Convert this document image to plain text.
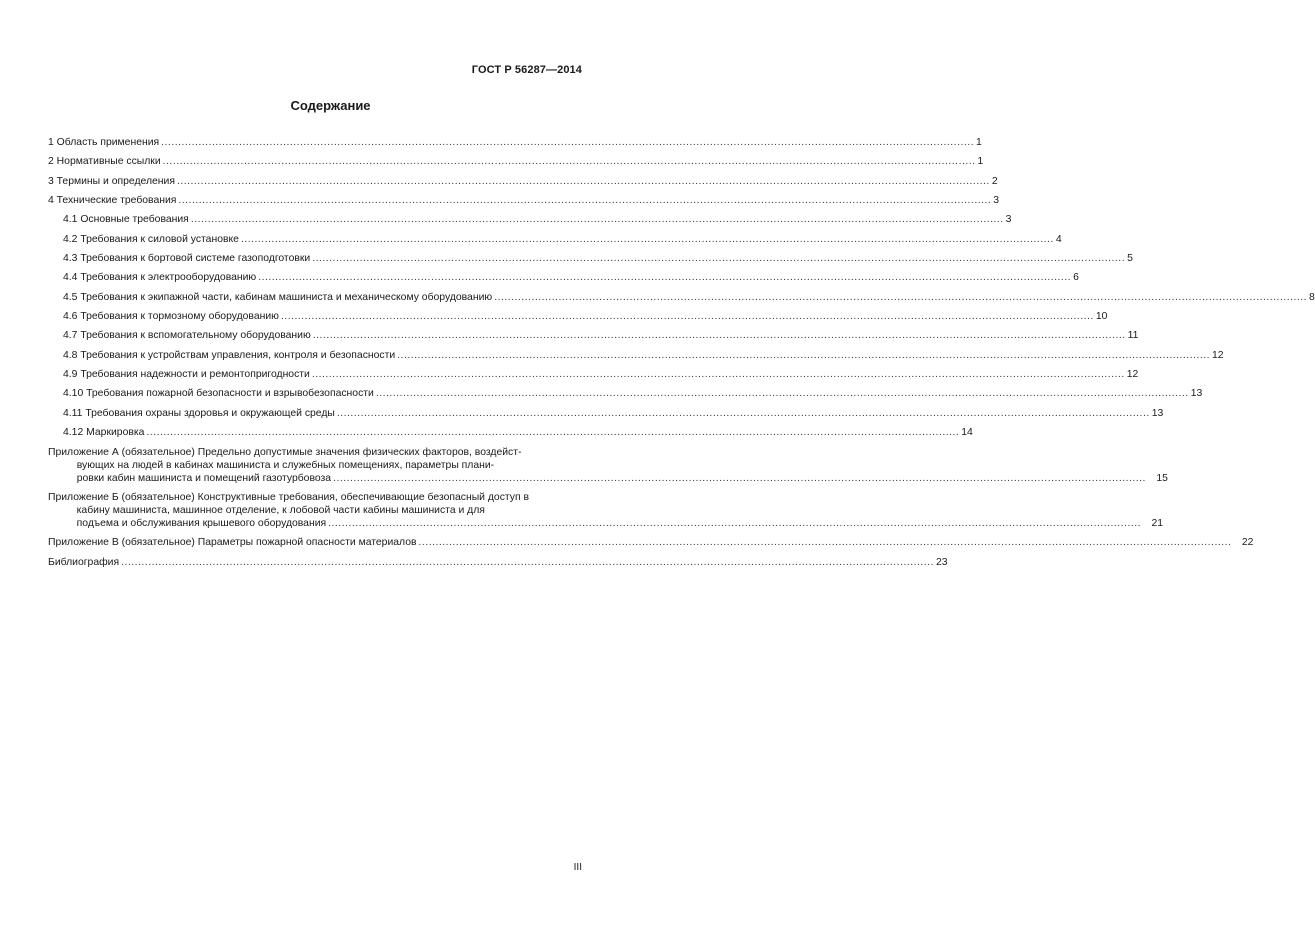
ГОСТ Р 56287—2014
Содержание
1 Область применения .....	1
2 Нормативные ссылки .....	1
3 Термины и определения .....	2
4 Технические требования .....	3
4.1 Основные требования .....	3
4.2 Требования к силовой установке .....	4
4.3 Требования к бортовой системе газоподготовки .....	5
4.4 Требования к электрооборудованию .....	6
4.5 Требования к экипажной части, кабинам машиниста и механическому оборудованию .....	8
4.6 Требования к тормозному оборудованию .....	10
4.7 Требования к вспомогательному оборудованию .....	11
4.8 Требования к устройствам управления, контроля и безопасности .....	12
4.9 Требования надежности и ремонтопригодности .....	12
4.10 Требования пожарной безопасности и взрывобезопасности .....	13
4.11 Требования охраны здоровья и окружающей среды .....	13
4.12 Маркировка .....	14
Приложение А (обязательное) Предельно допустимые значения физических факторов, воздейст-
вующих на людей в кабинах машиниста и служебных помещениях, параметры плани-
ровки кабин машиниста и помещений газотурбовоза .....	15
Приложение Б (обязательное) Конструктивные требования, обеспечивающие безопасный доступ в
кабину машиниста, машинное отделение, к лобовой части кабины машиниста и для
подъема и обслуживания крышевого оборудования .....	21
Приложение В (обязательное) Параметры пожарной опасности материалов .....	22
Библиография .....	23
III
